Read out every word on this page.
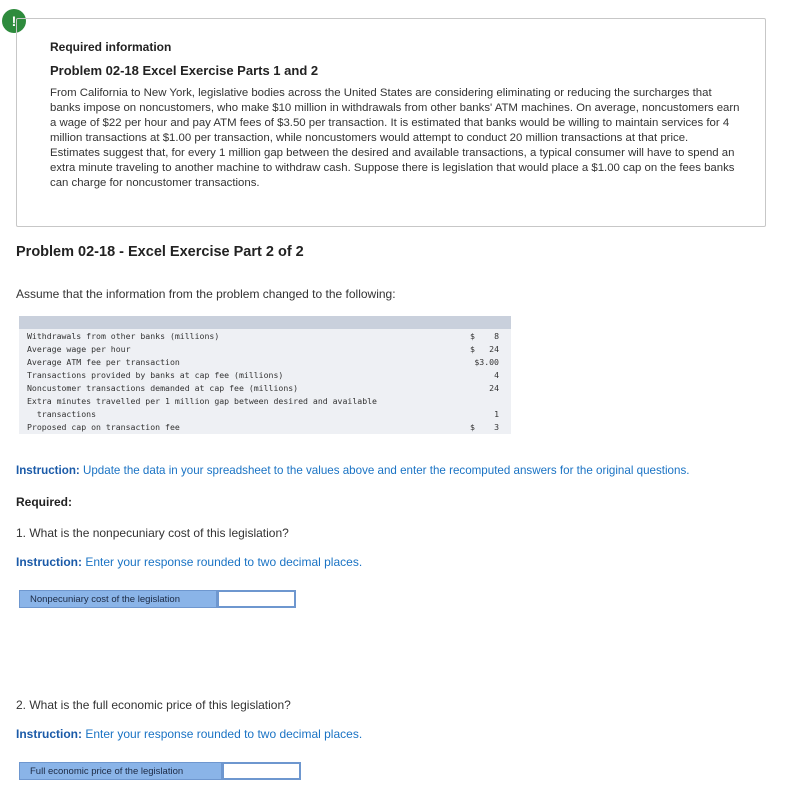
!
Required information
Problem 02-18 Excel Exercise Parts 1 and 2
From California to New York, legislative bodies across the United States are considering eliminating or reducing the surcharges that banks impose on noncustomers, who make $10 million in withdrawals from other banks' ATM machines. On average, noncustomers earn a wage of $22 per hour and pay ATM fees of $3.50 per transaction. It is estimated that banks would be willing to maintain services for 4 million transactions at $1.00 per transaction, while noncustomers would attempt to conduct 20 million transactions at that price. Estimates suggest that, for every 1 million gap between the desired and available transactions, a typical consumer will have to spend an extra minute traveling to another machine to withdraw cash. Suppose there is legislation that would place a $1.00 cap on the fees banks can charge for noncustomer transactions.
Problem 02-18 - Excel Exercise Part 2 of 2
Assume that the information from the problem changed to the following:
Withdrawals from other banks (millions)	$ 8
Average wage per hour	$ 24
Average ATM fee per transaction	$3.00
Transactions provided by banks at cap fee (millions)	4
Noncustomer transactions demanded at cap fee (millions)	24
Extra minutes travelled per 1 million gap between desired and available
transactions	1
Proposed cap on transaction fee	$ 3
Instruction: Update the data in your spreadsheet to the values above and enter the recomputed answers for the original questions.
Required:
1. What is the nonpecuniary cost of this legislation?
Instruction: Enter your response rounded to two decimal places.
Nonpecuniary cost of the legislation
2. What is the full economic price of this legislation?
Instruction: Enter your response rounded to two decimal places.
Full economic price of the legislation
